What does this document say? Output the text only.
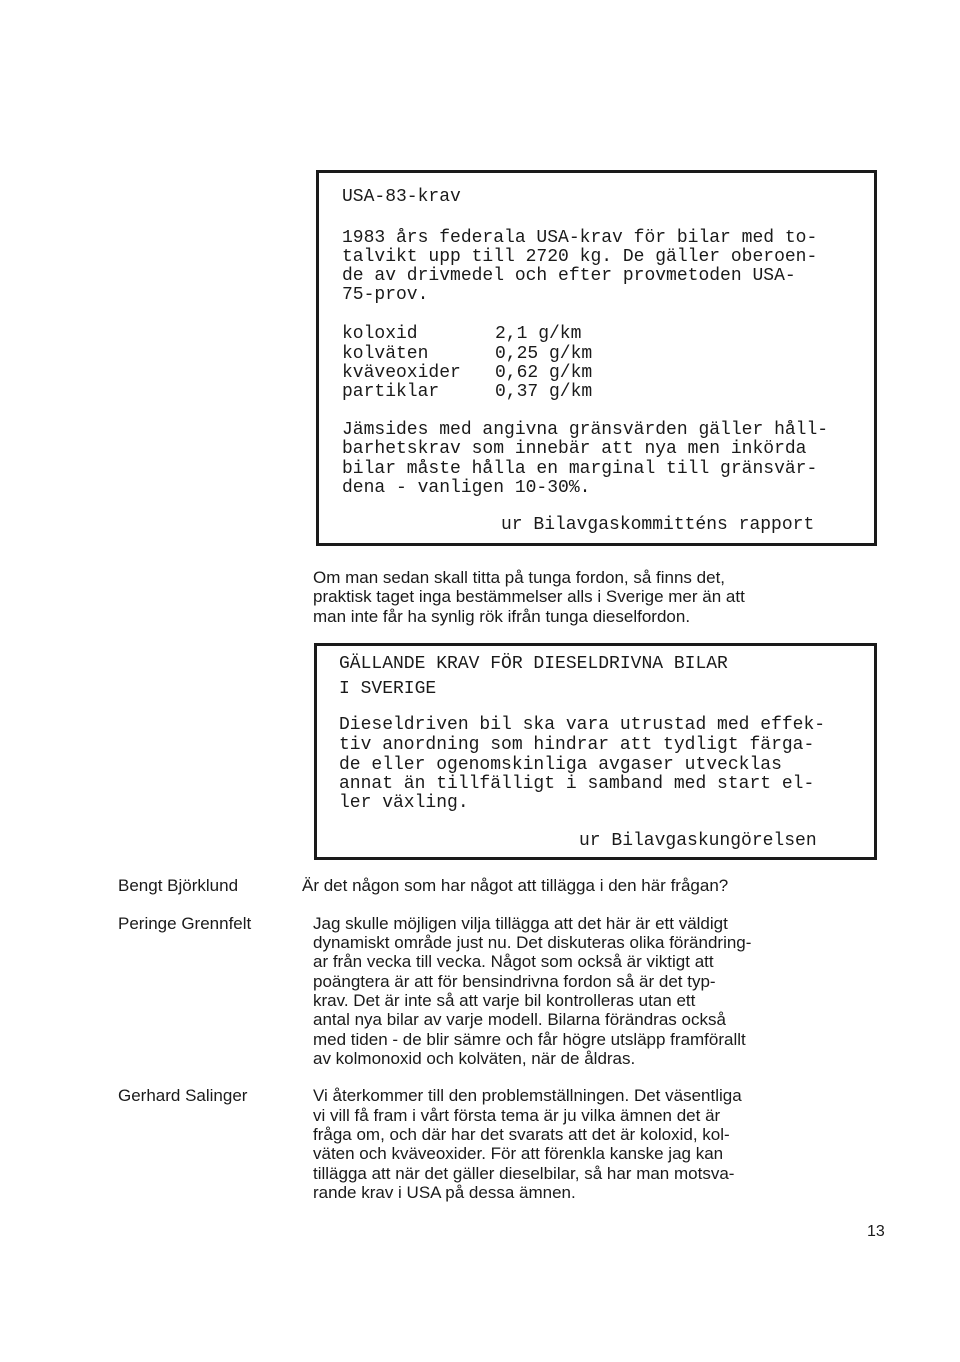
USA-83-krav
1983 års federala USA-krav för bilar med to-
talvikt upp till 2720 kg. De gäller oberoen-
de av drivmedel och efter provmetoden USA-
75-prov.
koloxid	2,1 g/km
kolväten	0,25 g/km
kväveoxider 0,62 g/km
partiklar	0,37 g/km
Jämsides med angivna gränsvärden gäller håll-
barhetskrav som innebär att nya men inkörda
bilar måste hålla en marginal till gränsvär-
dena - vanligen 10-30%.
ur Bilavgaskommitténs rapport
Om man sedan skall titta på tunga fordon, så finns det,
praktisk taget inga bestämmelser alls i Sverige mer än att
man inte får ha synlig rök ifrån tunga dieselfordon.
GÄLLANDE KRAV FÖR DIESELDRIVNA BILAR
I SVERIGE
Dieseldriven bil ska vara utrustad med effek-
tiv anordning som hindrar att tydligt färga-
de eller ogenomskinliga avgaser utvecklas
annat än tillfälligt i samband med start el-
ler växling.
ur Bilavgaskungörelsen
Bengt Björklund	Är det någon som har något att tillägga i den här frågan?
Peringe Grennfelt	Jag skulle möjligen vilja tillägga att det här är ett väldigt
dynamiskt område just nu. Det diskuteras olika förändring-
ar från vecka till vecka. Något som också är viktigt att
poängtera är att för bensindrivna fordon så är det typ-
krav. Det är inte så att varje bil kontrolleras utan ett
antal nya bilar av varje modell. Bilarna förändras också
med tiden - de blir sämre och får högre utsläpp framförallt
av kolmonoxid och kolväten, när de åldras.
Gerhard Salinger	Vi återkommer till den problemställningen. Det väsentliga
vi vill få fram i vårt första tema är ju vilka ämnen det är
fråga om, och där har det svarats att det är koloxid, kol-
väten och kväveoxider. För att förenkla kanske jag kan
tillägga att när det gäller dieselbilar, så har man motsva-
rande krav i USA på dessa ämnen.
13
